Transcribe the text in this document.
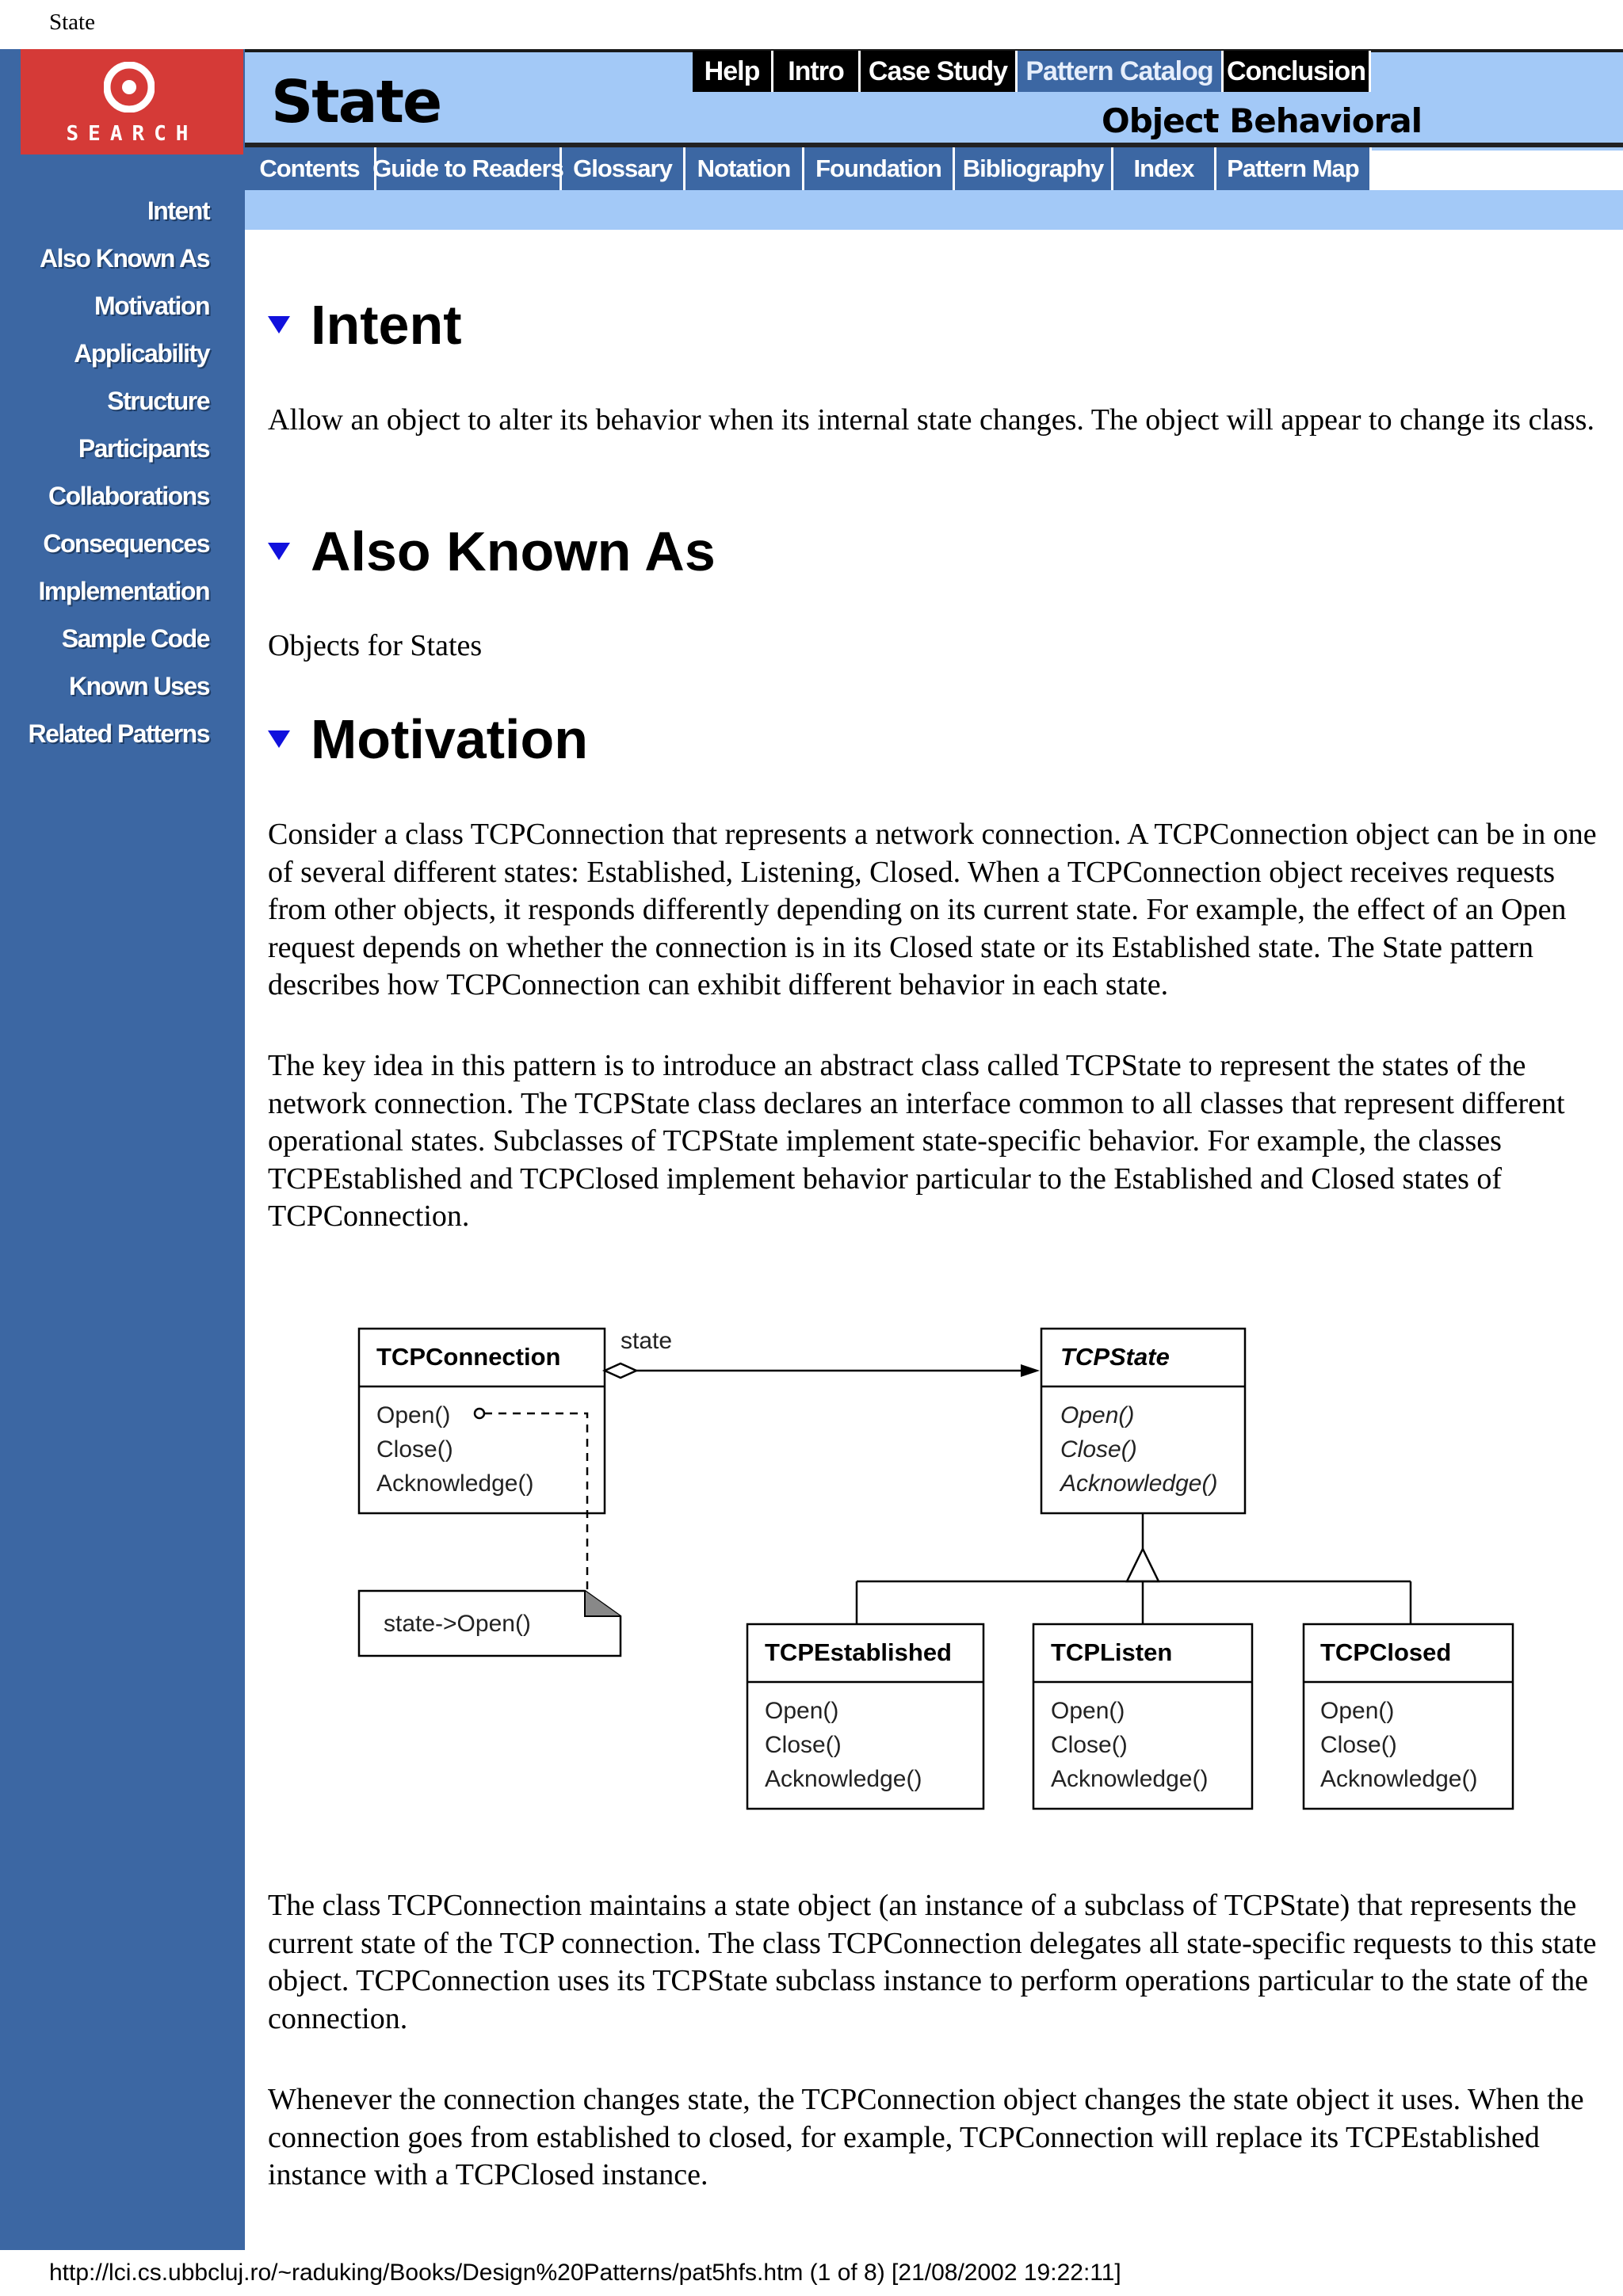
State
SEARCH	State	Object Behavioral
Help	Intro Case Study Pattern Catalog Conclusion
Contents Guide to Readers Glossary	Notation	Foundation Bibliography	Index	Pattern Map
Intent
Also Known As
Motivation
Applicability
Structure
Participants
Collaborations
Consequences
Implementation
Sample Code
Known Uses
Related Patterns
Intent

Allow an object to alter its behavior when its internal state changes. The object will appear to change its class.

Also Known As

Objects for States

Motivation

Consider a class TCPConnection that represents a network connection. A TCPConnection object can be in one of several different states: Established, Listening, Closed. When a TCPConnection object receives requests from other objects, it responds differently depending on its current state. For example, the effect of an Open request depends on whether the connection is in its Closed state or its Established state. The State pattern describes how TCPConnection can exhibit different behavior in each state.

The key idea in this pattern is to introduce an abstract class called TCPState to represent the states of the network connection. The TCPState class declares an interface common to all classes that represent different operational states. Subclasses of TCPState implement state-specific behavior. For example, the classes TCPEstablished and TCPClosed implement behavior particular to the Established and Closed states of TCPConnection.

TCPConnection
Open()
Close()
Acknowledge()
state
state->Open()
TCPState
Open()
Close()
Acknowledge()
TCPEstablished
Open()
Close()
Acknowledge()
TCPListen
Open()
Close()
Acknowledge()
TCPClosed
Open()
Close()
Acknowledge()

The class TCPConnection maintains a state object (an instance of a subclass of TCPState) that represents the current state of the TCP connection. The class TCPConnection delegates all state-specific requests to this state object. TCPConnection uses its TCPState subclass instance to perform operations particular to the state of the connection.

Whenever the connection changes state, the TCPConnection object changes the state object it uses. When the connection goes from established to closed, for example, TCPConnection will replace its TCPEstablished instance with a TCPClosed instance.

http://lci.cs.ubbcluj.ro/~raduking/Books/Design%20Patterns/pat5hfs.htm (1 of 8) [21/08/2002 19:22:11]
